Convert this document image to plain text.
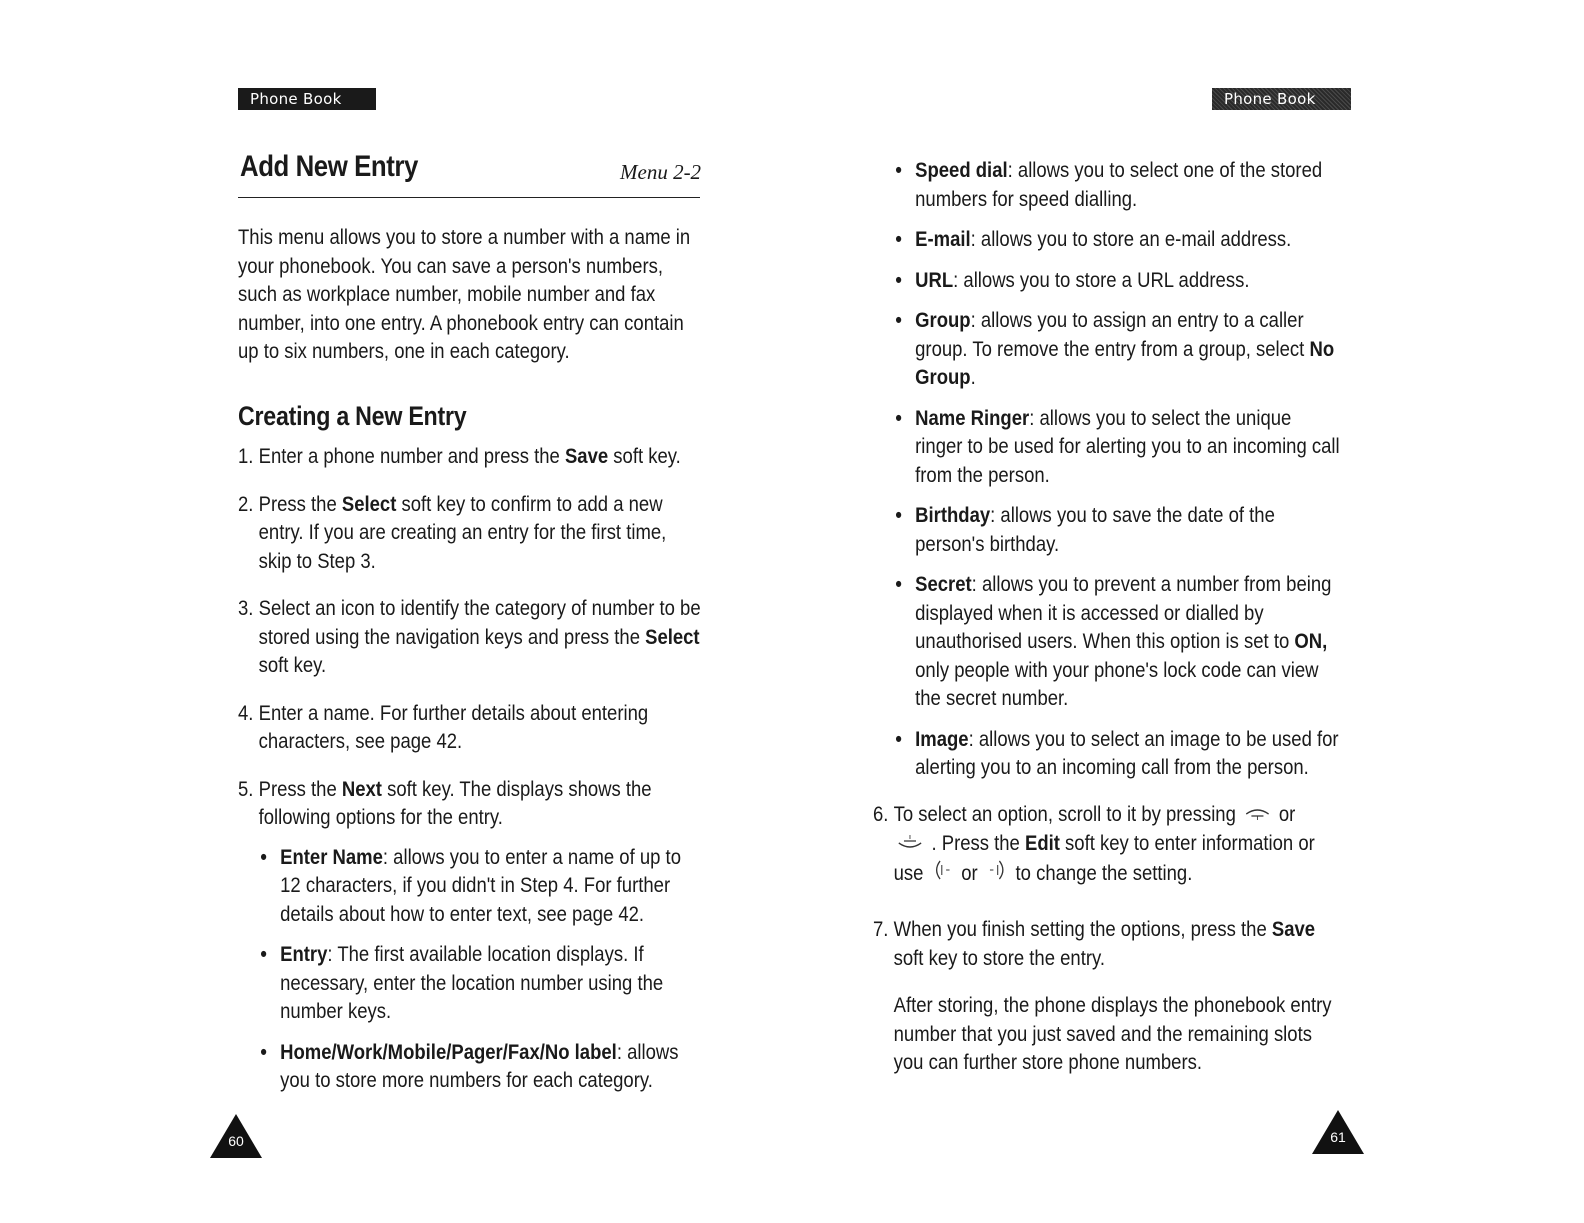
Phone Book	Phone Book
Add New Entry	Menu 2-2

This menu allows you to store a number with a name in your phonebook. You can save a person's numbers, such as workplace number, mobile number and fax number, into one entry. A phonebook entry can contain up to six numbers, one in each category.

Creating a New Entry
1. Enter a phone number and press the Save soft key.
2. Press the Select soft key to confirm to add a new entry. If you are creating an entry for the first time, skip to Step 3.
3. Select an icon to identify the category of number to be stored using the navigation keys and press the Select soft key.
4. Enter a name. For further details about entering characters, see page 42.
5. Press the Next soft key. The displays shows the following options for the entry.
• Enter Name: allows you to enter a name of up to 12 characters, if you didn't in Step 4. For further details about how to enter text, see page 42.
• Entry: The first available location displays. If necessary, enter the location number using the number keys.
• Home/Work/Mobile/Pager/Fax/No label: allows you to store more numbers for each category.
• Speed dial: allows you to select one of the stored numbers for speed dialling.
• E-mail: allows you to store an e-mail address.
• URL: allows you to store a URL address.
• Group: allows you to assign an entry to a caller group. To remove the entry from a group, select No Group.
• Name Ringer: allows you to select the unique ringer to be used for alerting you to an incoming call from the person.
• Birthday: allows you to save the date of the person's birthday.
• Secret: allows you to prevent a number from being displayed when it is accessed or dialled by unauthorised users. When this option is set to ON, only people with your phone's lock code can view the secret number.
• Image: allows you to select an image to be used for alerting you to an incoming call from the person.
6. To select an option, scroll to it by pressing or
. Press the Edit soft key to enter information or use or to change the setting.
7. When you finish setting the options, press the Save soft key to store the entry.

After storing, the phone displays the phonebook entry number that you just saved and the remaining slots you can further store phone numbers.

60	61
